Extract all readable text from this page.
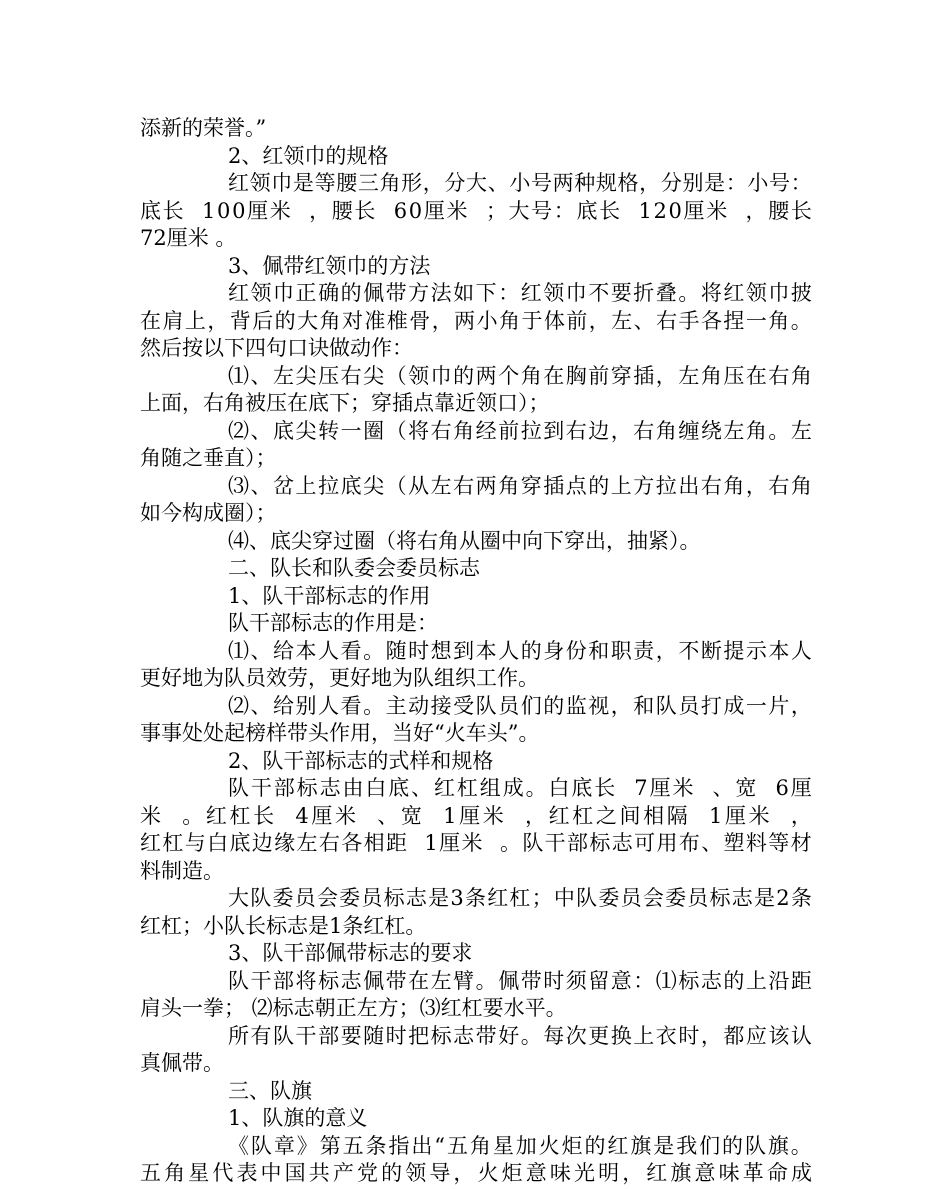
添新的荣誉。”
2、红领巾的规格
红 领 巾 是 等 腰 三 角 形 ， 分 大 、 小 号 两 种 规 格 ， 分 别 是 ： 小 号 ：
底 长

1 0 0 厘 米

， 腰 长

6 0 厘 米

； 大 号 ： 底 长

1 2 0 厘 米

， 腰 长
72厘米 。
3、佩带红领巾的方法
红 领 巾 正 确 的 佩 带 方 法 如 下 ： 红 领 巾 不 要 折 叠 。 将 红 领 巾 披
在 肩 上 ， 背 后 的 大 角 对 准 椎 骨 ， 两 小 角 于 体 前 ， 左 、 右 手 各 捏 一 角 。
然后按以下四句口诀做动作：
⑴ 、 左 尖 压 右 尖 （ 领 巾 的 两 个 角 在 胸 前 穿 插 ， 左 角 压 在 右 角
上面，右角被压在底下；穿插点靠近领口）；
⑵ 、 底 尖 转 一 圈 （ 将 右 角 经 前 拉 到 右 边 ， 右 角 缠 绕 左 角 。 左
角随之垂直）；
⑶ 、 岔 上 拉 底 尖 （ 从 左 右 两 角 穿 插 点 的 上 方 拉 出 右 角 ， 右 角
如今构成圈）；
⑷、底尖穿过圈（将右角从圈中向下穿出，抽紧）。
二、队长和队委会委员标志
1、队干部标志的作用
队干部标志的作用是：
⑴ 、 给 本 人 看 。 随 时 想 到 本 人 的 身 份 和 职 责 ， 不 断 提 示 本 人
更好地为队员效劳，更好地为队组织工作。
⑵ 、 给 别 人 看 。 主 动 接 受 队 员 们 的 监 视 ， 和 队 员 打 成 一 片 ，
事事处处起榜样带头作用，当好“火车头”。
2、队干部标志的式样和规格
队 干 部 标 志 由 白 底 、 红 杠 组 成 。 白 底 长

7 厘 米

、 宽

6 厘
米

。 红 杠 长

4 厘 米

、 宽

1 厘 米

， 红 杠 之 间 相 隔

1 厘 米

，
红 杠 与 白 底 边 缘 左 右 各 相 距

1 厘 米

。 队 干 部 标 志 可 用 布 、 塑 料 等 材
料制造。
大 队 委 员 会 委 员 标 志 是 3 条 红 杠 ； 中 队 委 员 会 委 员 标 志 是 2 条
红杠；小队长标志是1条红杠。
3、队干部佩带标志的要求
队 干 部 将 标 志 佩 带 在 左 臂 。 佩 带 时 须 留 意 ： ⑴ 标 志 的 上 沿 距
肩头一拳； ⑵标志朝正左方；⑶红杠要水平。
所 有 队 干 部 要 随 时 把 标 志 带 好 。 每 次 更 换 上 衣 时 ， 都 应 该 认
真佩带。
三、队旗
1、队旗的意义
《 队 章 》 第 五 条 指 出 “ 五 角 星 加 火 炬 的 红 旗 是 我 们 的 队 旗 。
五 角 星 代 表 中 国 共 产 党 的 领 导 ， 火 炬 意 味 光 明 ， 红 旗 意 味 革 命 成
